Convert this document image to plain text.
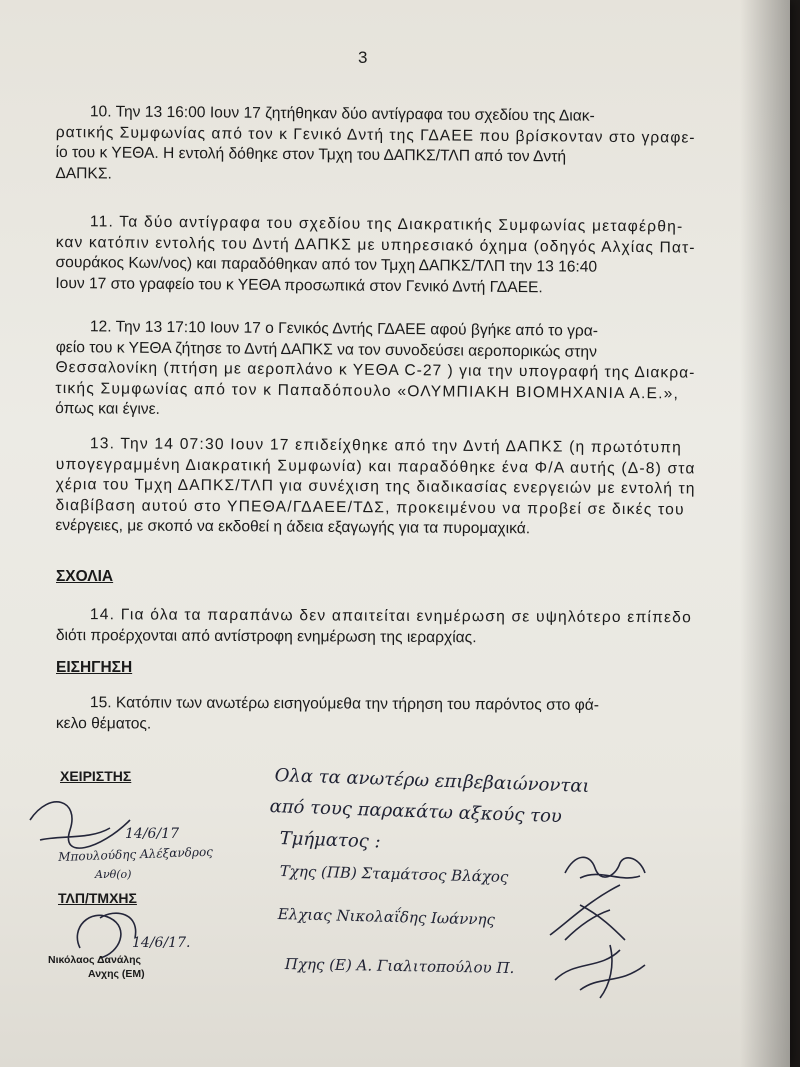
3
10. Την 13 16:00 Ιουν 17 ζητήθηκαν δύο αντίγραφα του σχεδίου της Διακ-
ρατικής Συμφωνίας από τον κ Γενικό Δντή της ΓΔΑΕΕ που βρίσκονταν στο γραφε-
ίο του κ ΥΕΘΑ. Η εντολή δόθηκε στον Τμχη του ΔΑΠΚΣ/ΤΛΠ από τον Δντή
ΔΑΠΚΣ.
11. Τα δύο αντίγραφα του σχεδίου της Διακρατικής Συμφωνίας μεταφέρθη-
καν κατόπιν εντολής του Δντή ΔΑΠΚΣ με υπηρεσιακό όχημα (οδηγός Αλχίας Πατ-
σουράκος Κων/νος) και παραδόθηκαν από τον Τμχη ΔΑΠΚΣ/ΤΛΠ την 13 16:40
Ιουν 17 στο γραφείο του κ ΥΕΘΑ προσωπικά στον Γενικό Δντή ΓΔΑΕΕ.
12. Την 13 17:10 Ιουν 17 ο Γενικός Δντής ΓΔΑΕΕ αφού βγήκε από το γρα-
φείο του κ ΥΕΘΑ ζήτησε το Δντή ΔΑΠΚΣ να τον συνοδεύσει αεροπορικώς στην
Θεσσαλονίκη (πτήση με αεροπλάνο κ ΥΕΘΑ C-27 ) για την υπογραφή της Διακρα-
τικής Συμφωνίας από τον κ Παπαδόπουλο «ΟΛΥΜΠΙΑΚΗ ΒΙΟΜΗΧΑΝΙΑ Α.Ε.»,
όπως και έγινε.
13. Την 14 07:30 Ιουν 17 επιδείχθηκε από την Δντή ΔΑΠΚΣ (η πρωτότυπη
υπογεγραμμένη Διακρατική Συμφωνία) και παραδόθηκε ένα Φ/Α αυτής (Δ-8) στα
χέρια του Τμχη ΔΑΠΚΣ/ΤΛΠ για συνέχιση της διαδικασίας ενεργειών με εντολή τη
διαβίβαση αυτού στο ΥΠΕΘΑ/ΓΔΑΕΕ/ΤΔΣ, προκειμένου να προβεί σε δικές του
ενέργειες, με σκοπό να εκδοθεί η άδεια εξαγωγής για τα πυρομαχικά.
ΣΧΟΛΙΑ
14. Για όλα τα παραπάνω δεν απαιτείται ενημέρωση σε υψηλότερο επίπεδο
διότι προέρχονται από αντίστροφη ενημέρωση της ιεραρχίας.
ΕΙΣΗΓΗΣΗ
15. Κατόπιν των ανωτέρω εισηγούμεθα την τήρηση του παρόντος στο φά-
κελο θέματος.
ΧΕΙΡΙΣΤΗΣ
14/6/17
Μπουλούδης Αλέξανδρος
Ανθ(ο)
ΤΛΠ/ΤΜΧΗΣ
14/6/17.
Νικόλαος Δανάλης
Ανχης (ΕΜ)
Ολα τα ανωτέρω επιβεβαιώνονται
από τους παρακάτω αξκούς του
Τμήματος :
Τχης (ΠΒ) Σταμάτσος Βλάχος
Ελχιας Νικολαΐδης Ιωάννης
Πχης (Ε) Α. Γιαλιτοπούλου Π.
